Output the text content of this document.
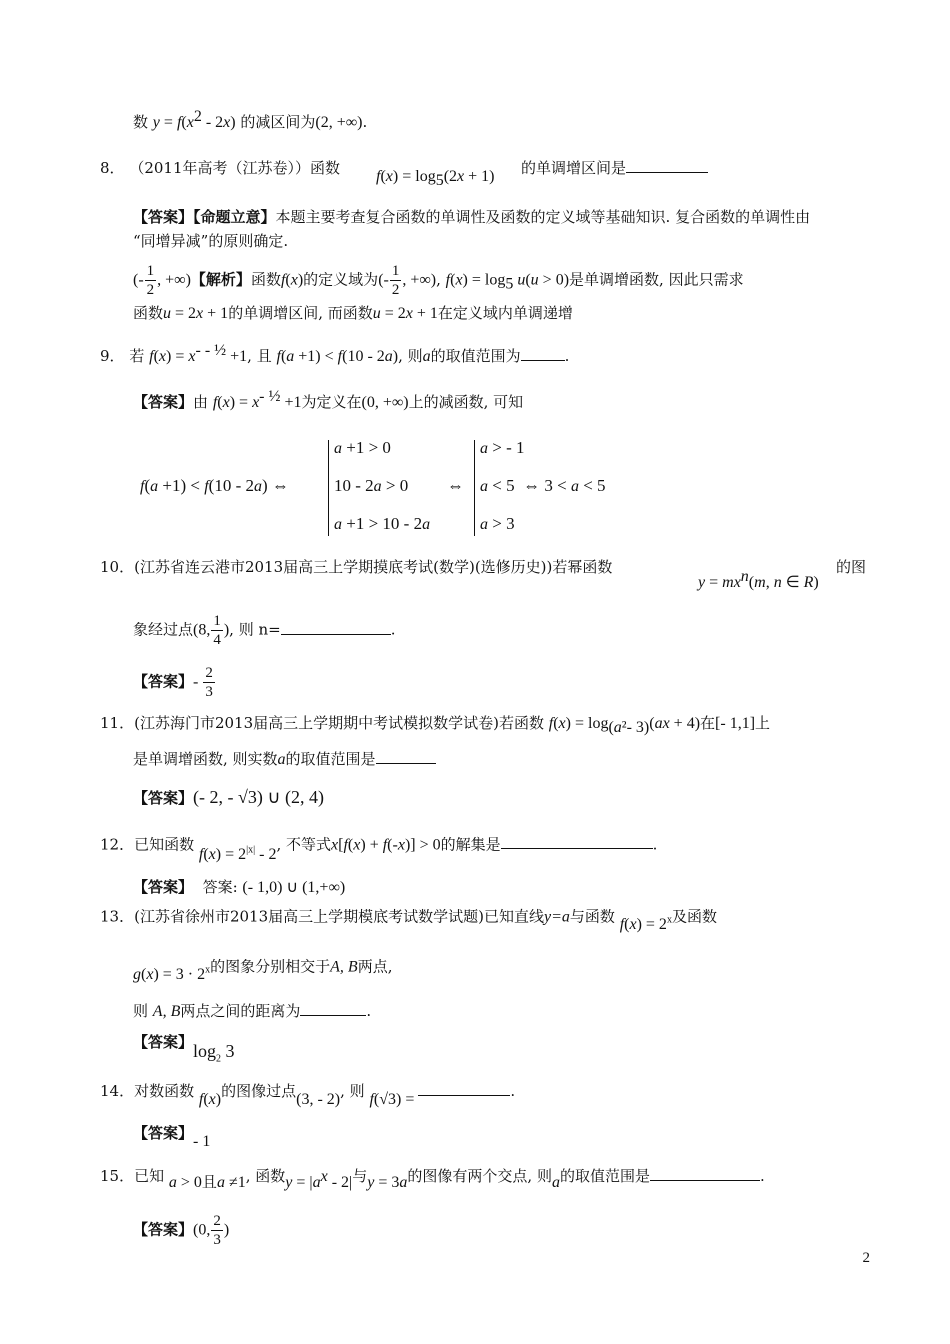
数 $y = f(x^2 - 2x)$ 的减区间为(2, +∞).
8． （2011年高考（江苏卷））函数 $f(x) = \log_5(2x + 1)$ 的单调增区间是
【答案】【命题立意】本题主要考查复合函数的单调性及函数的定义域等基础知识. 复合函数的单调性由
“同增异减”的原则确定.
(- $\frac{1}{2}$ , +∞)【解析】函数f(x)的定义域为(- $\frac{1}{2}$ , +∞), $f(x) = \log_5 u(u > 0)$是单调增函数, 因此只需求
函数u = 2x + 1的单调增区间, 而函数u = 2x + 1在定义域内单调递增
9． 若 $f(x) = x^{- - \frac{1}{2}} +1$, 且 f(a +1) < f(10 - 2a), 则a的取值范围为	.
【答案】由 $f(x) = x^{- \frac{1}{2}} +1$为定义在(0, +∞)上的减函数, 可知
f(a +1) < f(10 - 2a) ⇔
a +1 > 0
10 - 2a > 0
a +1 > 10 - 2a
⇔
a > - 1
a < 5  ⇔ 3 < a < 5
a > 3
10．(江苏省连云港市2013届高三上学期摸底考试(数学)(选修历史))若幂函数
$y = mx^n(m$, n ∈ R)
的图
象经过点(8, $\frac{1}{4}$ ), 则 n=	.
【答案】- $\frac{2}{3}$
11．(江苏海门市2013届高三上学期期中考试模拟数学试卷)若函数 $f(x) = \log_{(a^2- 3)}(ax + 4)$在[- 1,1]上
是单调增函数, 则实数a的取值范围是
【答案】(- 2, - √3) ∪ (2, 4)
12．已知函数 $f(x) = 2^{|x|} - 2$, 不等式x[f(x) + f(-x)] > 0的解集是	.
【答案】 答案: (- 1,0) ∪ (1,+∞)
13．(江苏省徐州市2013届高三上学期模底考试数学试题)已知直线y=a与函数 $f(x) = 2^x$及函数
$g(x) = 3 \cdot 2^x$的图象分别相交于A, B两点,
则 A, B两点之间的距离为	.
【答案】$\log_2 3$
14．对数函数 f(x)的图像过点(3, - 2), 则 f(√3) =	.
【答案】- 1
15．已知 a > 0且a ≠1, 函数$y = |a^x - 2|$与y = 3a的图像有两个交点, 则a的取值范围是	.
【答案】(0, $\frac{2}{3}$ )
2
